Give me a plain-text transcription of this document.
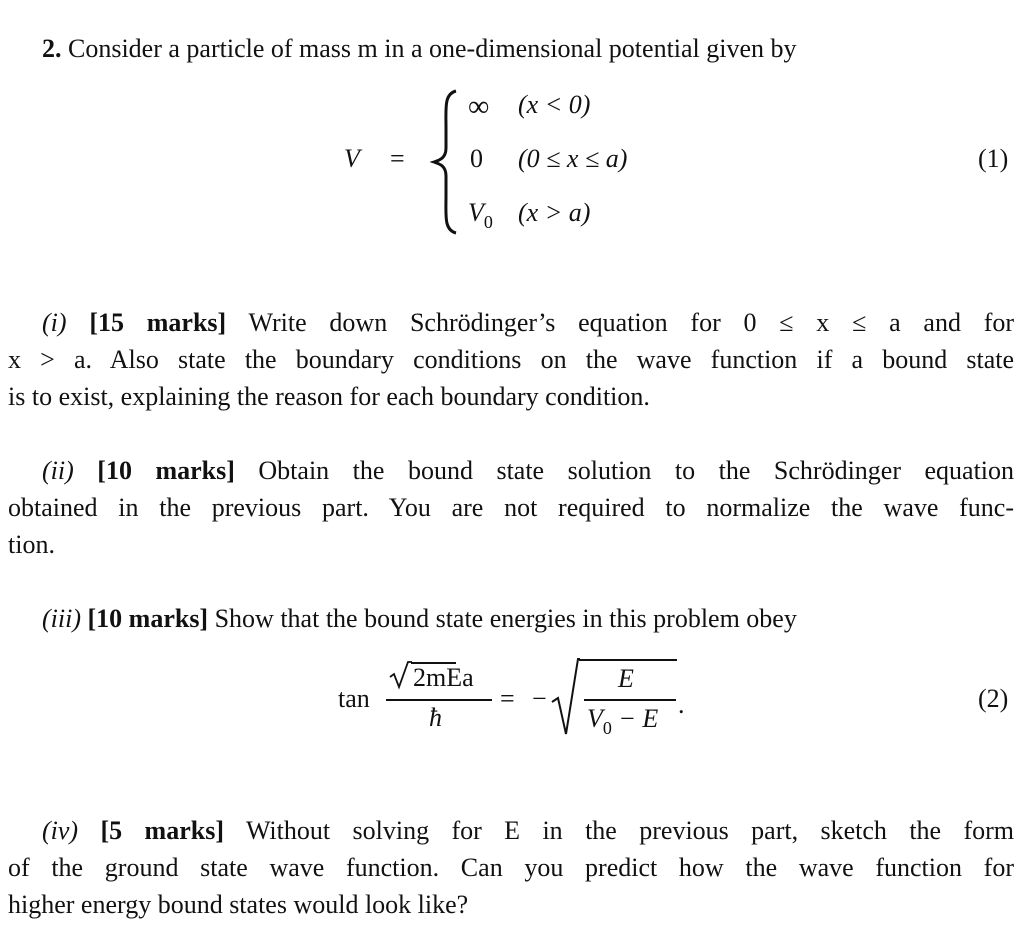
2. Consider a particle of mass m in a one-dimensional potential given by
V =
∞ (x < 0)
0 (0 ≤ x ≤ a)
$V_0$ (x > a)
(1)
(i) [15 marks] Write down Schrödinger’s equation for 0 ≤ x ≤ a and for
x > a. Also state the boundary conditions on the wave function if a bound state
is to exist, explaining the reason for each boundary condition.
(ii) [10 marks] Obtain the bound state solution to the Schrödinger equation
obtained in the previous part. You are not required to normalize the wave func-
tion.
(iii) [10 marks] Show that the bound state energies in this problem obey
tan
2mEa
ħ
= −
E
$V_0 - E$ .	(2)
(iv) [5 marks] Without solving for E in the previous part, sketch the form
of the ground state wave function. Can you predict how the wave function for
higher energy bound states would look like?
